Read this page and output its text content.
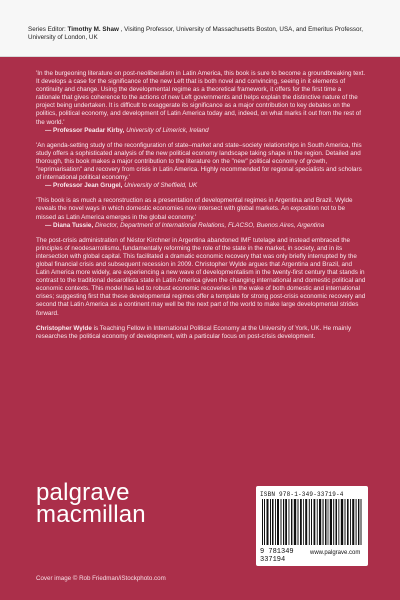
Series Editor: Timothy M. Shaw , Visiting Professor, University of Massachusetts Boston, USA, and Emeritus Professor, University of London, UK
'In the burgeoning literature on post-neoliberalism in Latin America, this book is sure to become a groundbreaking text. It develops a case for the significance of the new Left that is both novel and convincing, seeing in it elements of continuity and change. Using the developmental regime as a theoretical framework, it offers for the first time a rationale that gives coherence to the actions of new Left governments and helps explain the distinctive nature of the project being undertaken. It is difficult to exaggerate its significance as a major contribution to key debates on the politics, political economy, and development of Latin America today and, indeed, on what marks it out from the rest of the world.'
— Professor Peadar Kirby, University of Limerick, Ireland
'An agenda-setting study of the reconfiguration of state–market and state–society relationships in South America, this study offers a sophisticated analysis of the new political economy landscape taking shape in the region. Detailed and thorough, this book makes a major contribution to the literature on the "new" political economy of growth, "reprimarisation" and recovery from crisis in Latin America. Highly recommended for regional specialists and scholars of international political economy.'
— Professor Jean Grugel, University of Sheffield, UK
'This book is as much a reconstruction as a presentation of developmental regimes in Argentina and Brazil. Wylde reveals the novel ways in which domestic economies now intersect with global markets. An exposition not to be missed as Latin America emerges in the global economy.'
— Diana Tussie, Director, Department of International Relations, FLACSO, Buenos Aires, Argentina
The post-crisis administration of Néstor Kirchner in Argentina abandoned IMF tutelage and instead embraced the principles of neodesarrollismo, fundamentally reforming the role of the state in the market, in society, and in its intersection with global capital. This facilitated a dramatic economic recovery that was only briefly interrupted by the global financial crisis and subsequent recession in 2009. Christopher Wylde argues that Argentina and Brazil, and Latin America more widely, are experiencing a new wave of developmentalism in the twenty-first century that stands in contrast to the traditional desarollista state in Latin America given the changing international and domestic political and economic contexts. This model has led to robust economic recoveries in the wake of both domestic and international crises; suggesting first that these developmental regimes offer a template for strong post-crisis economic recovery and second that Latin America as a continent may well be the next part of the world to make large developmental strides forward.
Christopher Wylde is Teaching Fellow in International Political Economy at the University of York, UK. He mainly researches the political economy of development, with a particular focus on post-crisis development.
palgrave
macmillan
Cover image © Rob Friedman/iStockphoto.com
ISBN 978-1-349-33719-4
9 781349 337194
www.palgrave.com
